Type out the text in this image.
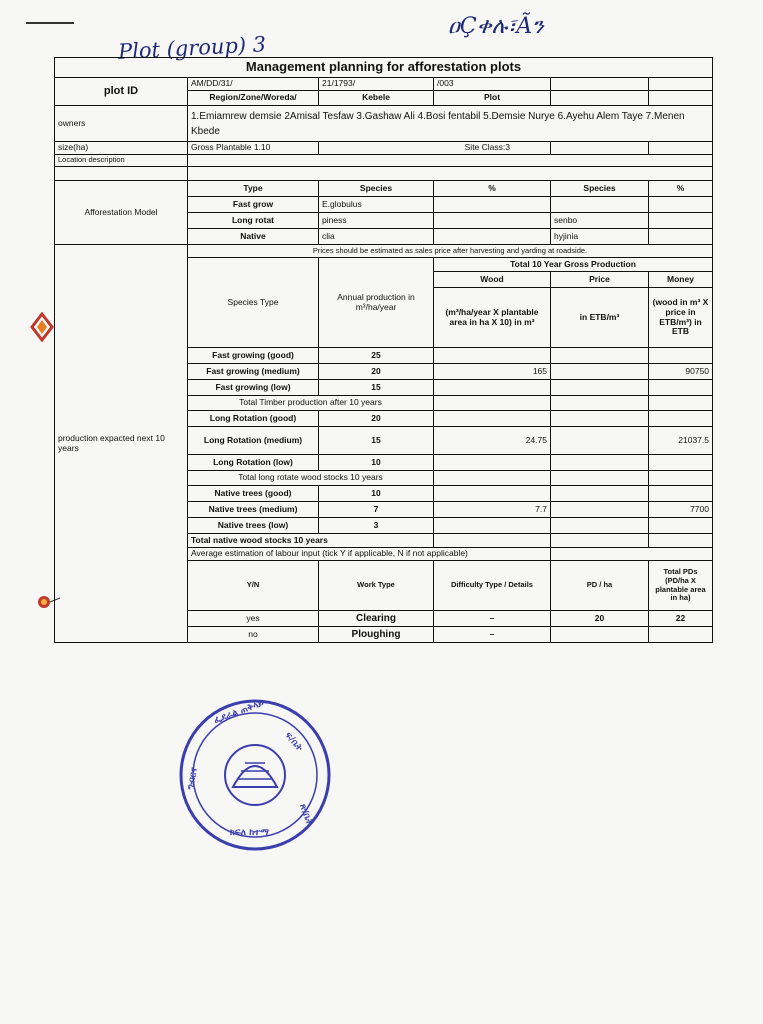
ዐÇቀሉ፣Ãን
Plot (group) 3
Management planning for afforestation plots					
plot ID	AM/DD/31/	21/1793/	/003		
	Region/Zone/Woreda/	Kebele	Plot		
owners	1.Emiamrew demsie 2Amisal Tesfaw 3.Gashaw Ali 4.Bosi fentabil 5.Demsie Nurye 6.Ayehu Alem Taye 7.Menen Kbede				
size(ha)	Gross Plantable 1.10	Site Class:3			
Location description					

Afforestation Model	Type	Species	%	Species	%
	Fast grow	E.globulus			
	Long rotat	piness		senbo	
	Native	clia		hyjinia	
production expacted next 10 years	Prices should be estimated as sales price after harvesting and yarding at roadside.				
	Species Type	Annual production in m³/ha/year	Total 10 Year Gross Production		
			Wood	Price	Money
			(m³/ha/year X plantable area in ha X 10) in m³	in ETB/m³	(wood in m³ X price in ETB/m³) in ETB
	Fast growing (good)	25			
	Fast growing (medium)	20	165		90750
	Fast growing (low)	15			
	Total Timber production after 10 years				
	Long Rotation (good)	20			
	Long Rotation (medium)	15	24.75		21037.5
	Long Rotation (low)	10			
	Total long rotate wood stocks 10 years				
	Native trees (good)	10			
	Native trees (medium)	7	7.7		7700
	Native trees (low)	3			
	Total native wood stocks 10 years				
	Average estimation of labour input (tick Y if applicable, N if not applicable)				
	Y/N	Work Type	Difficulty Type / Details	PD / ha	Total PDs (PD/ha X plantable area in ha)
	yes	Clearing	–	20	22
	no	Ploughing	–		
ፌደራል ጠቅላይ
ፍ/ቤት
ግብርና
ጽ/ቤት
ክፍለ ከተማ
